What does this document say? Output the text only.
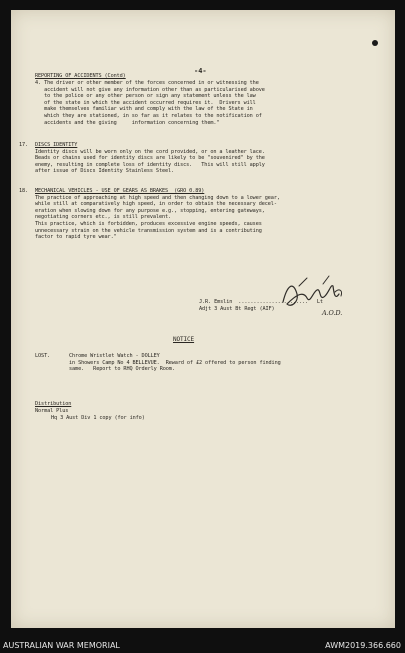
-4-
REPORTING OF ACCIDENTS (Contd)
4. The driver or other member of the forces concerned in or witnessing the
accident will not give any information other than as particularised above
to the police or any other person or sign any statement unless the law
of the state in which the accident occurred requires it.  Drivers will
make themselves familiar with and comply with the law of the State in
which they are stationed, in so far as it relates to the notification of
accidents and the giving     information concerning them."
17. DISCS IDENTITY
Identity discs will be worn only on the cord provided, or on a leather lace.
Beads or chains used for identity discs are likely to be "souvenired" by the
enemy, resulting in complete loss of identity discs.   This will still apply
after issue of Discs Identity Stainless Steel.
18. MECHANICAL VEHICLES - USE OF GEARS AS BRAKES  (GRO 0.89)
The practice of approaching at high speed and then changing down to a lower gear,
while still at comparatively high speed, in order to obtain the necessary decel-
eration when slowing down for any purpose e.g., stopping, entering gateways,
negotiating corners etc., is still prevalent.
This practice, which is forbidden, produces excessive engine speeds, causes
unnecessary strain on the vehicle transmission system and is a contributing
factor to rapid tyre wear."
J.R. Emslin  .......................   Lt
Adjt 3 Aust Bt Regt (AIF)
A.O.D.
NOTICE
LOST.	Chrome Wristlet Watch - DOLLEY
in Showers Camp No 4 BELLEVUE.  Reward of £2 offered to person finding
same.   Report to RHQ Orderly Room.
Distribution
Normal Plus
Hq 3 Aust Div 1 copy (for info)
AUSTRALIAN WAR MEMORIAL	AWM2019.366.660
